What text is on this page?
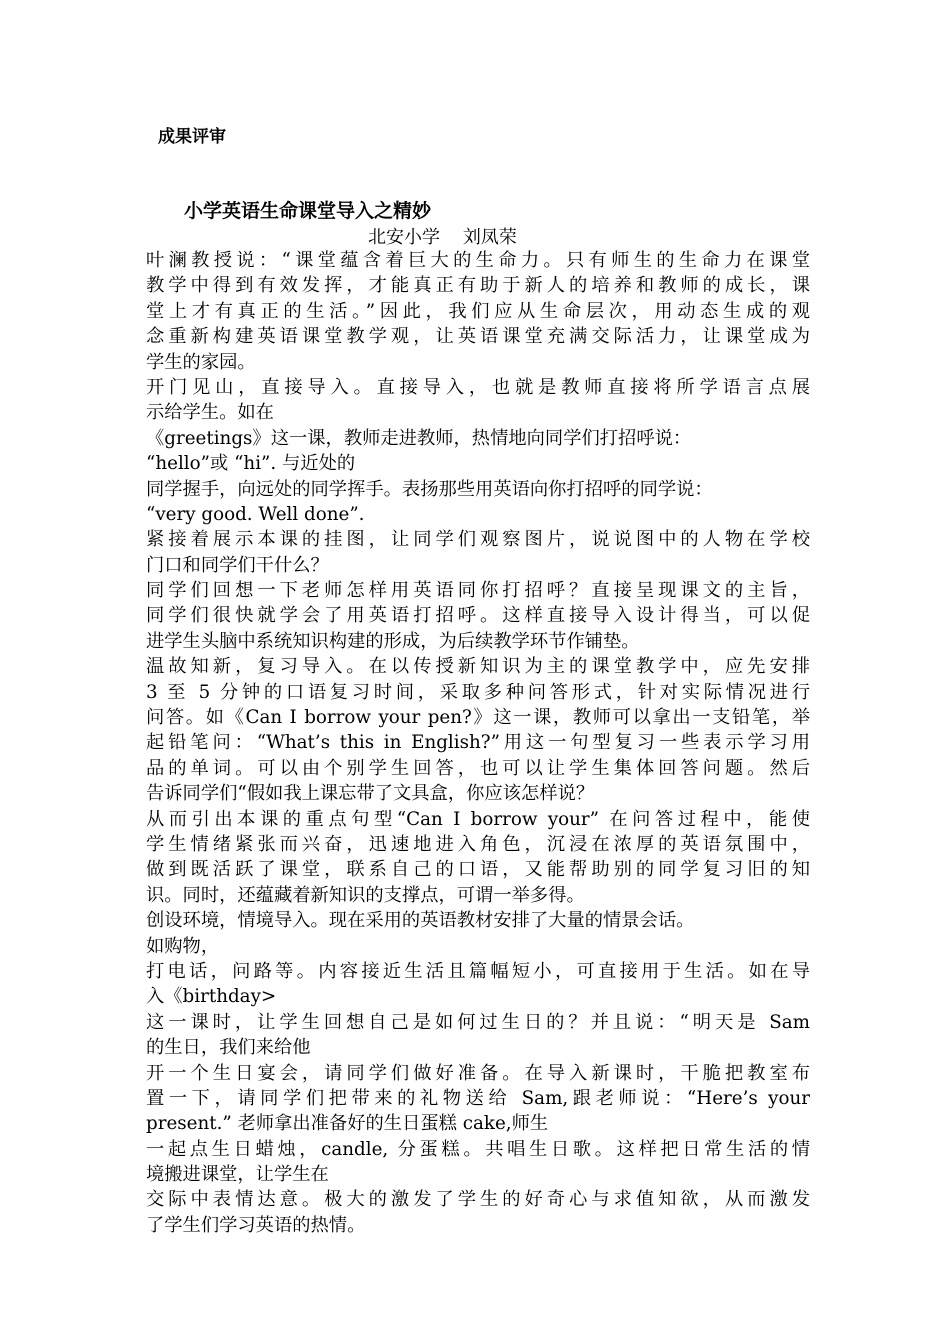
成果评审
小学英语生命课堂导入之精妙
北安小学    刘凤荣
叶澜教授说：“课堂蕴含着巨大的生命力。只有师生的生命力在课堂
教学中得到有效发挥，才能真正有助于新人的培养和教师的成长，课
堂上才有真正的生活。”因此，我们应从生命层次，用动态生成的观
念重新构建英语课堂教学观，让英语课堂充满交际活力，让课堂成为
学生的家园。
开门见山，直接导入。直接导入，也就是教师直接将所学语言点展
示给学生。如在
《greetings》这一课，教师走进教师，热情地向同学们打招呼说：
“hello”或 “hi”. 与近处的
同学握手，向远处的同学挥手。表扬那些用英语向你打招呼的同学说：
“very good. Well done”.
紧接着展示本课的挂图，让同学们观察图片，说说图中的人物在学校
门口和同学们干什么？
同学们回想一下老师怎样用英语同你打招呼？直接呈现课文的主旨，
同学们很快就学会了用英语打招呼。这样直接导入设计得当，可以促
进学生头脑中系统知识构建的形成，为后续教学环节作铺垫。
温故知新，复习导入。在以传授新知识为主的课堂教学中，应先安排
3 至 5 分钟的口语复习时间，采取多种问答形式，针对实际情况进行
问答。如《Can I borrow your pen?》这一课，教师可以拿出一支铅笔，举
起铅笔问：“What’s this in English?”用这一句型复习一些表示学习用
品的单词。可以由个别学生回答，也可以让学生集体回答问题。然后
告诉同学们“假如我上课忘带了文具盒，你应该怎样说？
从而引出本课的重点句型“Can I borrow your” 在问答过程中，能使
学生情绪紧张而兴奋，迅速地进入角色，沉浸在浓厚的英语氛围中，
做到既活跃了课堂，联系自己的口语，又能帮助别的同学复习旧的知
识。同时，还蕴藏着新知识的支撑点，可谓一举多得。
创设环境，情境导入。现在采用的英语教材安排了大量的情景会话。
如购物，
打电话，问路等。内容接近生活且篇幅短小，可直接用于生活。如在导
入《birthday>
这一课时，让学生回想自己是如何过生日的？并且说：“明天是 Sam
的生日，我们来给他
开一个生日宴会，请同学们做好准备。在导入新课时，干脆把教室布
置一下，请同学们把带来的礼物送给 Sam,跟老师说：“Here’s your
present.” 老师拿出准备好的生日蛋糕 cake,师生
一起点生日蜡烛，candle, 分蛋糕。共唱生日歌。这样把日常生活的情
境搬进课堂，让学生在
交际中表情达意。极大的激发了学生的好奇心与求值知欲，从而激发
了学生们学习英语的热情。
